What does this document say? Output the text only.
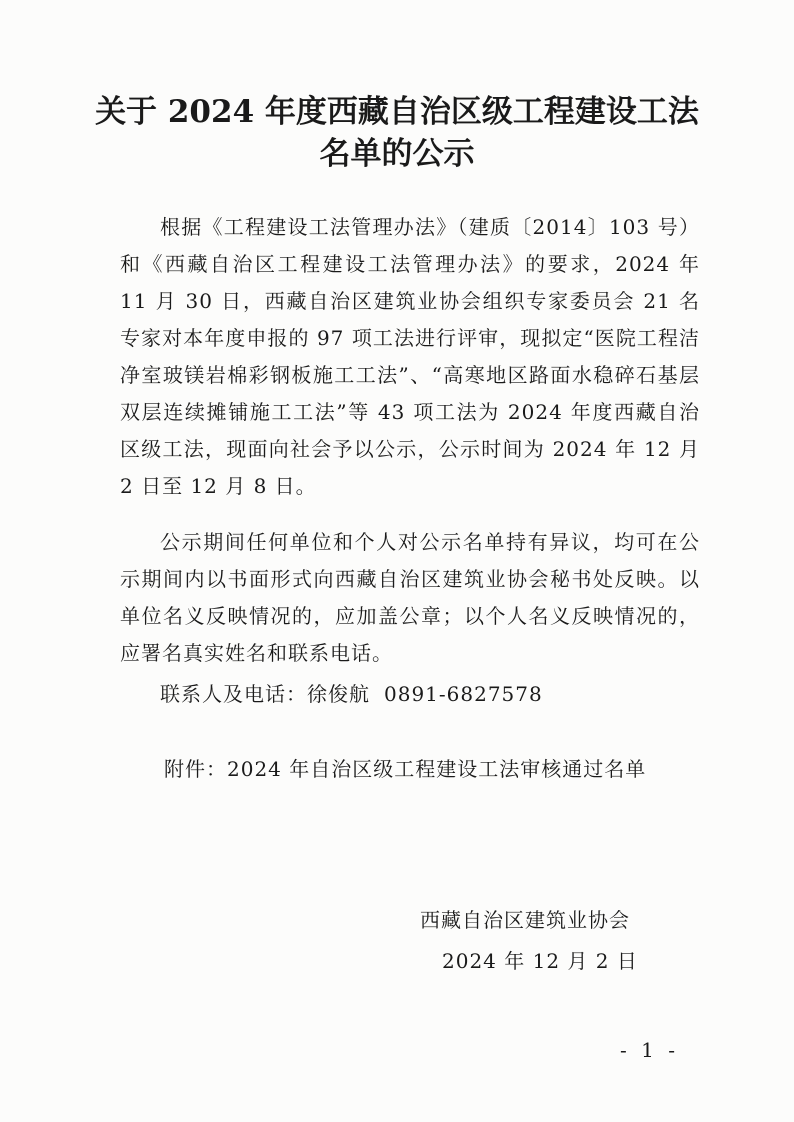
关于 2024 年度西藏自治区级工程建设工法
名单的公示

根据《工程建设工法管理办法》（建质〔2014〕103 号）和《西藏自治区工程建设工法管理办法》的要求，2024 年 11 月 30 日，西藏自治区建筑业协会组织专家委员会 21 名专家对本年度申报的 97 项工法进行评审，现拟定“医院工程洁净室玻镁岩棉彩钢板施工工法”、“高寒地区路面水稳碎石基层双层连续摊铺施工工法”等 43 项工法为 2024 年度西藏自治区级工法，现面向社会予以公示，公示时间为 2024 年 12 月 2 日至 12 月 8 日。

公示期间任何单位和个人对公示名单持有异议，均可在公示期间内以书面形式向西藏自治区建筑业协会秘书处反映。以单位名义反映情况的，应加盖公章；以个人名义反映情况的，应署名真实姓名和联系电话。

联系人及电话：徐俊航 0891-6827578

附件：2024 年自治区级工程建设工法审核通过名单

西藏自治区建筑业协会

2024 年 12 月 2 日

- 1 -
